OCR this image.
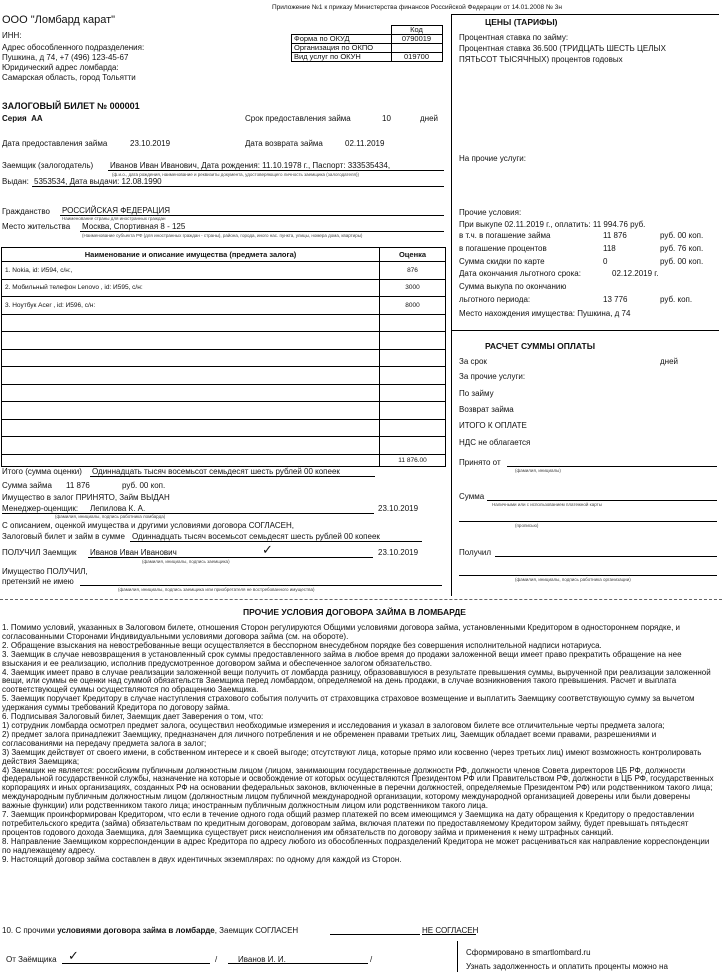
Приложение №1 к приказу Министерства финансов Российской Федерации от 14.01.2008 № 3н
ООО "Ломбард карат"
ИНН:
Адрес обособленного подразделения:
Пушкина, д 74, +7 (496) 123-45-67
Юридический адрес ломбарда:
Самарская область, город Тольятти
	Код
Форма по ОКУД	0790019
Организация по ОКПО	
Вид услуг по ОКУН	019700
ЗАЛОГОВЫЙ БИЛЕТ № 000001
Серия АА	Срок предоставления займа	10	дней
Дата предоставления займа	23.10.2019	Дата возврата займа	02.11.2019
Заемщик (залогодатель) Иванов Иван Иванович, Дата рождения: 11.10.1978 г., Паспорт: 333535434,
(ф.и.о., дата рождения, наименование и реквизиты документа, удостоверяющего личность заемщика (залогодателя))
Выдан: 5353534, Дата выдачи: 12.08.1990
Гражданство РОССИЙСКАЯ ФЕДЕРАЦИЯ
Наименование страны для иностранных граждан
Место жительства Москва, Спортивная 8 - 125
(Наименование субъекта РФ (для иностранных граждан - страны), района, города, иного нас. пункта, улицы, номера дома, квартиры)
Наименование и описание имущества (предмета залога)	Оценка
1. Nokia, id: И594, с/н:,	876
2. Мобильный телефон Lenovo , id: И595, с/н:	3000
3. Ноутбук Acer , id: И596, с/н:	8000

	11 876.00
Итого (сумма оценки) Одиннадцать тысяч восемьсот семьдесят шесть рублей 00 копеек
Сумма займа 11 876	руб. 00 коп.
Имущество в залог ПРИНЯТО, Займ ВЫДАН
Менеджер-оценщик: Лепилова К. А.	23.10.2019
(фамилия, инициалы, подпись работника ломбарда)
С описанием, оценкой имущества и другими условиями договора СОГЛАСЕН,
Залоговый билет и займ в сумме Одиннадцать тысяч восемьсот семьдесят шесть рублей 00 копеек
ПОЛУЧИЛ Заемщик Иванов Иван Иванович	✓	23.10.2019
(фамилия, инициалы, подпись заемщика)
Имущество ПОЛУЧИЛ,
претензий не имею
(фамилия, инициалы, подпись заемщика или приобретателя не востребованного имущества)
ЦЕНЫ (ТАРИФЫ)
Процентная ставка по займу:
Процентная ставка 36.500 (ТРИДЦАТЬ ШЕСТЬ ЦЕЛЫХ
ПЯТЬСОТ ТЫСЯЧНЫХ) процентов годовых
На прочие услуги:
Прочие условия:
При выкупе 02.11.2019 г., оплатить: 11 994.76 руб.
в т.ч. в погашение займа	11 876	руб. 00 коп.
в погашение процентов	118	руб. 76 коп.
Сумма скидки по карте	0	руб. 00 коп.
Дата окончания льготного срока:	02.12.2019 г.
Сумма выкупа по окончанию
льготного периода:	13 776	руб. коп.
Место нахождения имущества: Пушкина, д 74
РАСЧЕТ СУММЫ ОПЛАТЫ
За срок	дней
За прочие услуги:
По займу
Возврат займа
ИТОГО К ОПЛАТЕ
НДС не облагается
Принято от
(фамилия, инициалы)
Сумма
Наличными или с использованием платежной карты
(прописью)
Получил
(фамилия, инициалы, подпись работника организации)
ПРОЧИЕ УСЛОВИЯ ДОГОВОРА ЗАЙМА В ЛОМБАРДЕ

1. Помимо условий, указанных в Залоговом билете, отношения Сторон регулируются Общими условиями договора займа, установленными Кредитором в одностороннем порядке, и согласованными Сторонами Индивидуальными условиями договора займа (см. на обороте).

2. Обращение взыскания на невостребованные вещи осуществляется в бесспорном внесудебном порядке без совершения исполнительной надписи нотариуса.

3. Заемщик в случае невозвращения в установленный срок суммы предоставленного займа в любое время до продажи заложенной вещи имеет право прекратить обращение на нее взыскания и ее реализацию, исполнив предусмотренное договором займа и обеспеченное залогом обязательство.

4. Заемщик имеет право в случае реализации заложенной вещи получить от ломбарда разницу, образовавшуюся в результате превышения суммы, вырученной при реализации заложенной вещи, или суммы ее оценки над суммой обязательств Заемщика перед ломбардом, определяемой на день продажи, в случае возникновения такого превышения. Расчет и выплата соответствующей суммы осуществляются по обращению Заемщика.

5. Заемщик поручает Кредитору в случае наступления страхового события получить от страховщика страховое возмещение и выплатить Заемщику соответствующую сумму за вычетом удержания суммы требований Кредитора по договору займа.

6. Подписывая Залоговый билет, Заемщик дает Заверения о том, что:

1) сотрудник ломбарда осмотрел предмет залога, осуществил необходимые измерения и исследования и указал в залоговом билете все отличительные черты предмета залога;

2) предмет залога принадлежит Заемщику, предназначен для личного потребления и не обременен правами третьих лиц, Заемщик обладает всеми правами, разрешениями и согласованиями на передачу предмета залога в залог;

3) Заемщик действует от своего имени, в собственном интересе и к своей выгоде; отсутствуют лица, которые прямо или косвенно (через третьих лиц) имеют возможность контролировать действия Заемщика;

4) Заемщик не является: российским публичным должностным лицом (лицом, занимающим государственные должности РФ, должности членов Совета директоров ЦБ РФ, должности федеральной государственной службы, назначение на которые и освобождение от которых осуществляются Президентом РФ или Правительством РФ, должности в ЦБ РФ, государственных корпорациях и иных организациях, созданных РФ на основании федеральных законов, включенные в перечни должностей, определяемые Президентом РФ) или родственником такого лица; международным публичным должностным лицом (должностным лицом публичной международной организации, которому международной организацией доверены или были доверены важные функции) или родственником такого лица; иностранным публичным должностным лицом или родственником такого лица.

7. Заемщик проинформирован Кредитором, что если в течение одного года общий размер платежей по всем имеющимся у Заемщика на дату обращения к Кредитору о предоставлении потребительского кредита (займа) обязательствам по кредитным договорам, договорам займа, включая платежи по предоставляемому Кредитором займу, будет превышать пятьдесят процентов годового дохода Заемщика, для Заемщика существует риск неисполнения им обязательств по договору займа и применения к нему штрафных санкций.

8. Направление Заемщиком корреспонденции в адрес Кредитора по адресу любого из обособленных подразделений Кредитора не может расцениваться как направление корреспонденции по надлежащему адресу.

9. Настоящий договор займа составлен в двух идентичных экземплярах: по одному для каждой из Сторон.

10. С прочими условиями договора займа в ломбарде, Заемщик СОГЛАСЕН	НЕ СОГЛАСЕН
От Заёмщика ✓	/	Иванов И. И.	/
Сформировано в smartlombard.ru
Узнать задолженность и оплатить проценты можно на
